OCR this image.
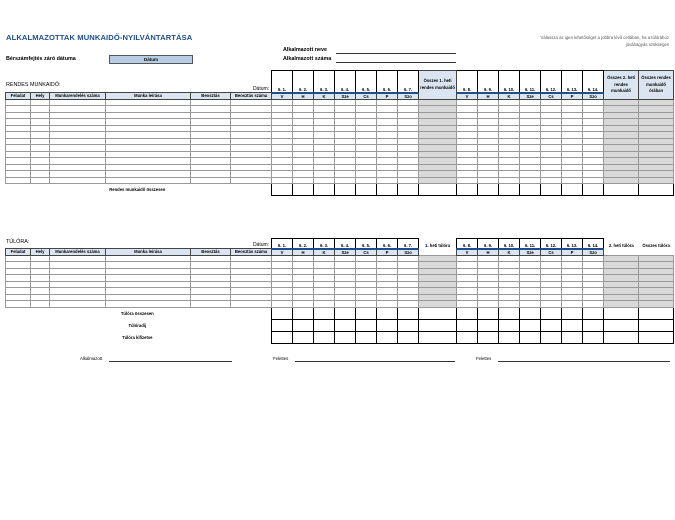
ALKALMAZOTTAK MUNKAIDŐ-NYILVÁNTARTÁSA	Válassza az igen lehetőséget a jobbra lévő cellában, ha a túlórához jóváhagyás szükséges
Alkalmazott neve
Bérszámfejtés záró dátuma	Dátum	Alkalmazott száma
RENDES MUNKAIDŐ:
Dátum:						6. 1.	6. 2.	6. 3.	6. 4.	6. 5.	6. 6.	6. 7.	Összes 1. heti rendes munkaidő	6. 8.	6. 9.	6. 10.	6. 11.	6. 12.	6. 13.	6. 14.	Összes 2. heti rendes munkaidő	Összes rendes munkaidő órában
Feladat	Hely	Munkarendelés száma	Munka leírása	Beosztás	Beosztás száma	V	H	K	Sze	Cs	P	Szo		V	H	K	Sze	Cs	P	Szo		

Rendes munkaidő összesen																						
TÚLÓRA:	Dátum:						6. 1.	6. 2.	6. 3.	6. 4.	6. 5.	6. 6.	6. 7.	1. heti túlóra	6. 8.	6. 9.	6. 10.	6. 11.	6. 12.	6. 13.	6. 14.	2. heti túlóra	Összes túlóra
Feladat	Hely	Munkarendelés száma	Munka leírása	Beosztás	Beosztás száma	V	H	K	Sze	Cs	P	Szo		V	H	K	Sze	Cs	P	Szo		

Túlóra összesen																						
Túlóradíj																						
Túlóra kifizetve																						
Alkalmazott	Felettes	Felettes
